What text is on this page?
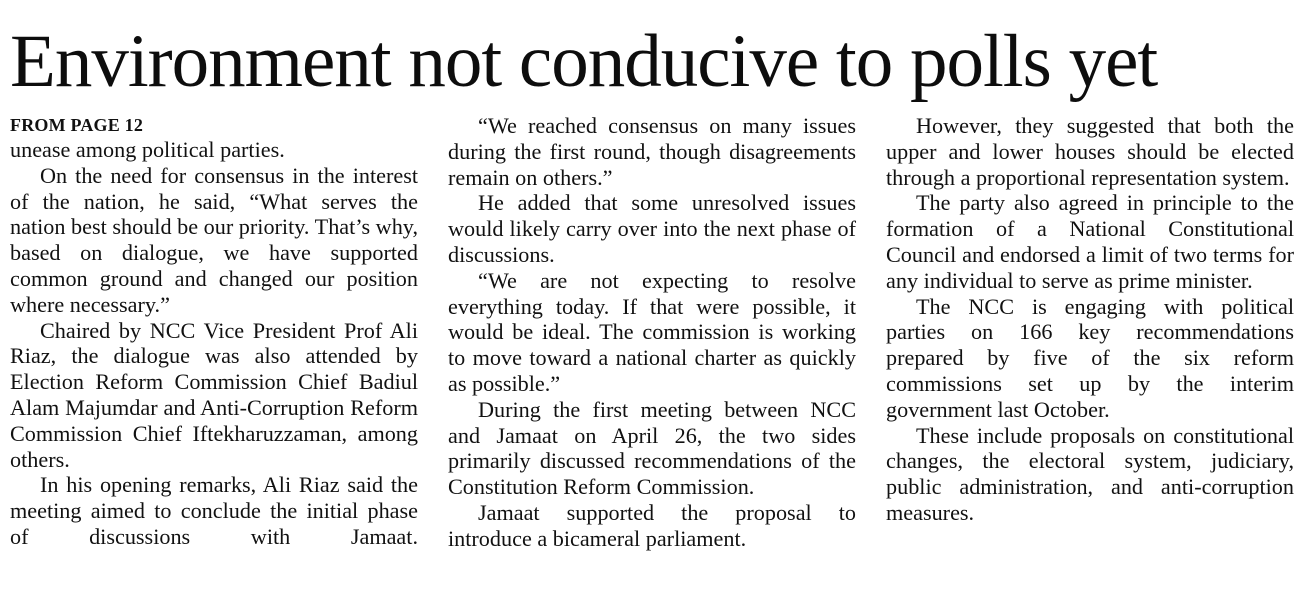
Environment not conducive to polls yet
FROM PAGE 12

unease among political parties.

On the need for consensus in the interest of the nation, he said, “What serves the nation best should be our priority. That’s why, based on dialogue, we have supported common ground and changed our position where necessary.”

Chaired by NCC Vice President Prof Ali Riaz, the dialogue was also attended by Election Reform Commission Chief Badiul Alam Majumdar and Anti-Corruption Reform Commission Chief Iftekharuzzaman, among others.

In his opening remarks, Ali Riaz said the meeting aimed to conclude the initial phase of discussions with Jamaat.

“We reached consensus on many issues during the first round, though disagreements remain on others.”

He added that some unresolved issues would likely carry over into the next phase of discussions.

“We are not expecting to resolve everything today. If that were possible, it would be ideal. The commission is working to move toward a national charter as quickly as possible.”

During the first meeting between NCC and Jamaat on April 26, the two sides primarily discussed recommendations of the Constitution Reform Commission.

Jamaat supported the proposal to introduce a bicameral parliament.

However, they suggested that both the upper and lower houses should be elected through a proportional representation system.

The party also agreed in principle to the formation of a National Constitutional Council and endorsed a limit of two terms for any individual to serve as prime minister.

The NCC is engaging with political parties on 166 key recommendations prepared by five of the six reform commissions set up by the interim government last October.

These include proposals on constitutional changes, the electoral system, judiciary, public administration, and anti-corruption measures.
